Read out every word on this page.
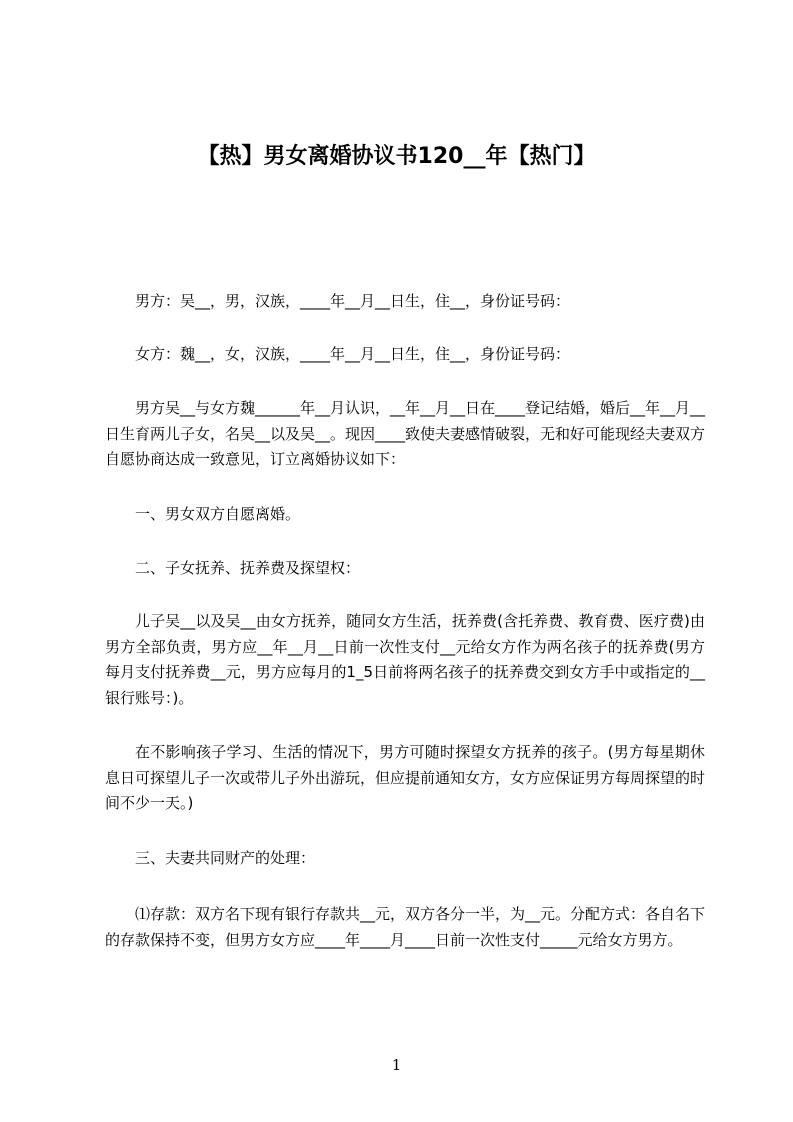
【热】男女离婚协议书120__年【热门】

男方：吴__，男，汉族，____年__月__日生，住__，身份证号码：

女方：魏__，女，汉族，____年__月__日生，住__，身份证号码：

男方吴__与女方魏______年__月认识，__年__月__日在____登记结婚，婚后__年__月__日生育两儿子女，名吴__以及吴__。现因____致使夫妻感情破裂，无和好可能现经夫妻双方自愿协商达成一致意见，订立离婚协议如下：

一、男女双方自愿离婚。

二、子女抚养、抚养费及探望权：

儿子吴__以及吴__由女方抚养，随同女方生活，抚养费(含托养费、教育费、医疗费)由男方全部负责，男方应__年__月__日前一次性支付__元给女方作为两名孩子的抚养费(男方每月支付抚养费__元，男方应每月的1_5日前将两名孩子的抚养费交到女方手中或指定的__银行账号：)。

在不影响孩子学习、生活的情况下，男方可随时探望女方抚养的孩子。(男方每星期休息日可探望儿子一次或带儿子外出游玩，但应提前通知女方，女方应保证男方每周探望的时间不少一天。)

三、夫妻共同财产的处理：

⑴存款：双方名下现有银行存款共__元，双方各分一半，为__元。分配方式：各自名下的存款保持不变，但男方女方应____年____月____日前一次性支付_____元给女方男方。

1
